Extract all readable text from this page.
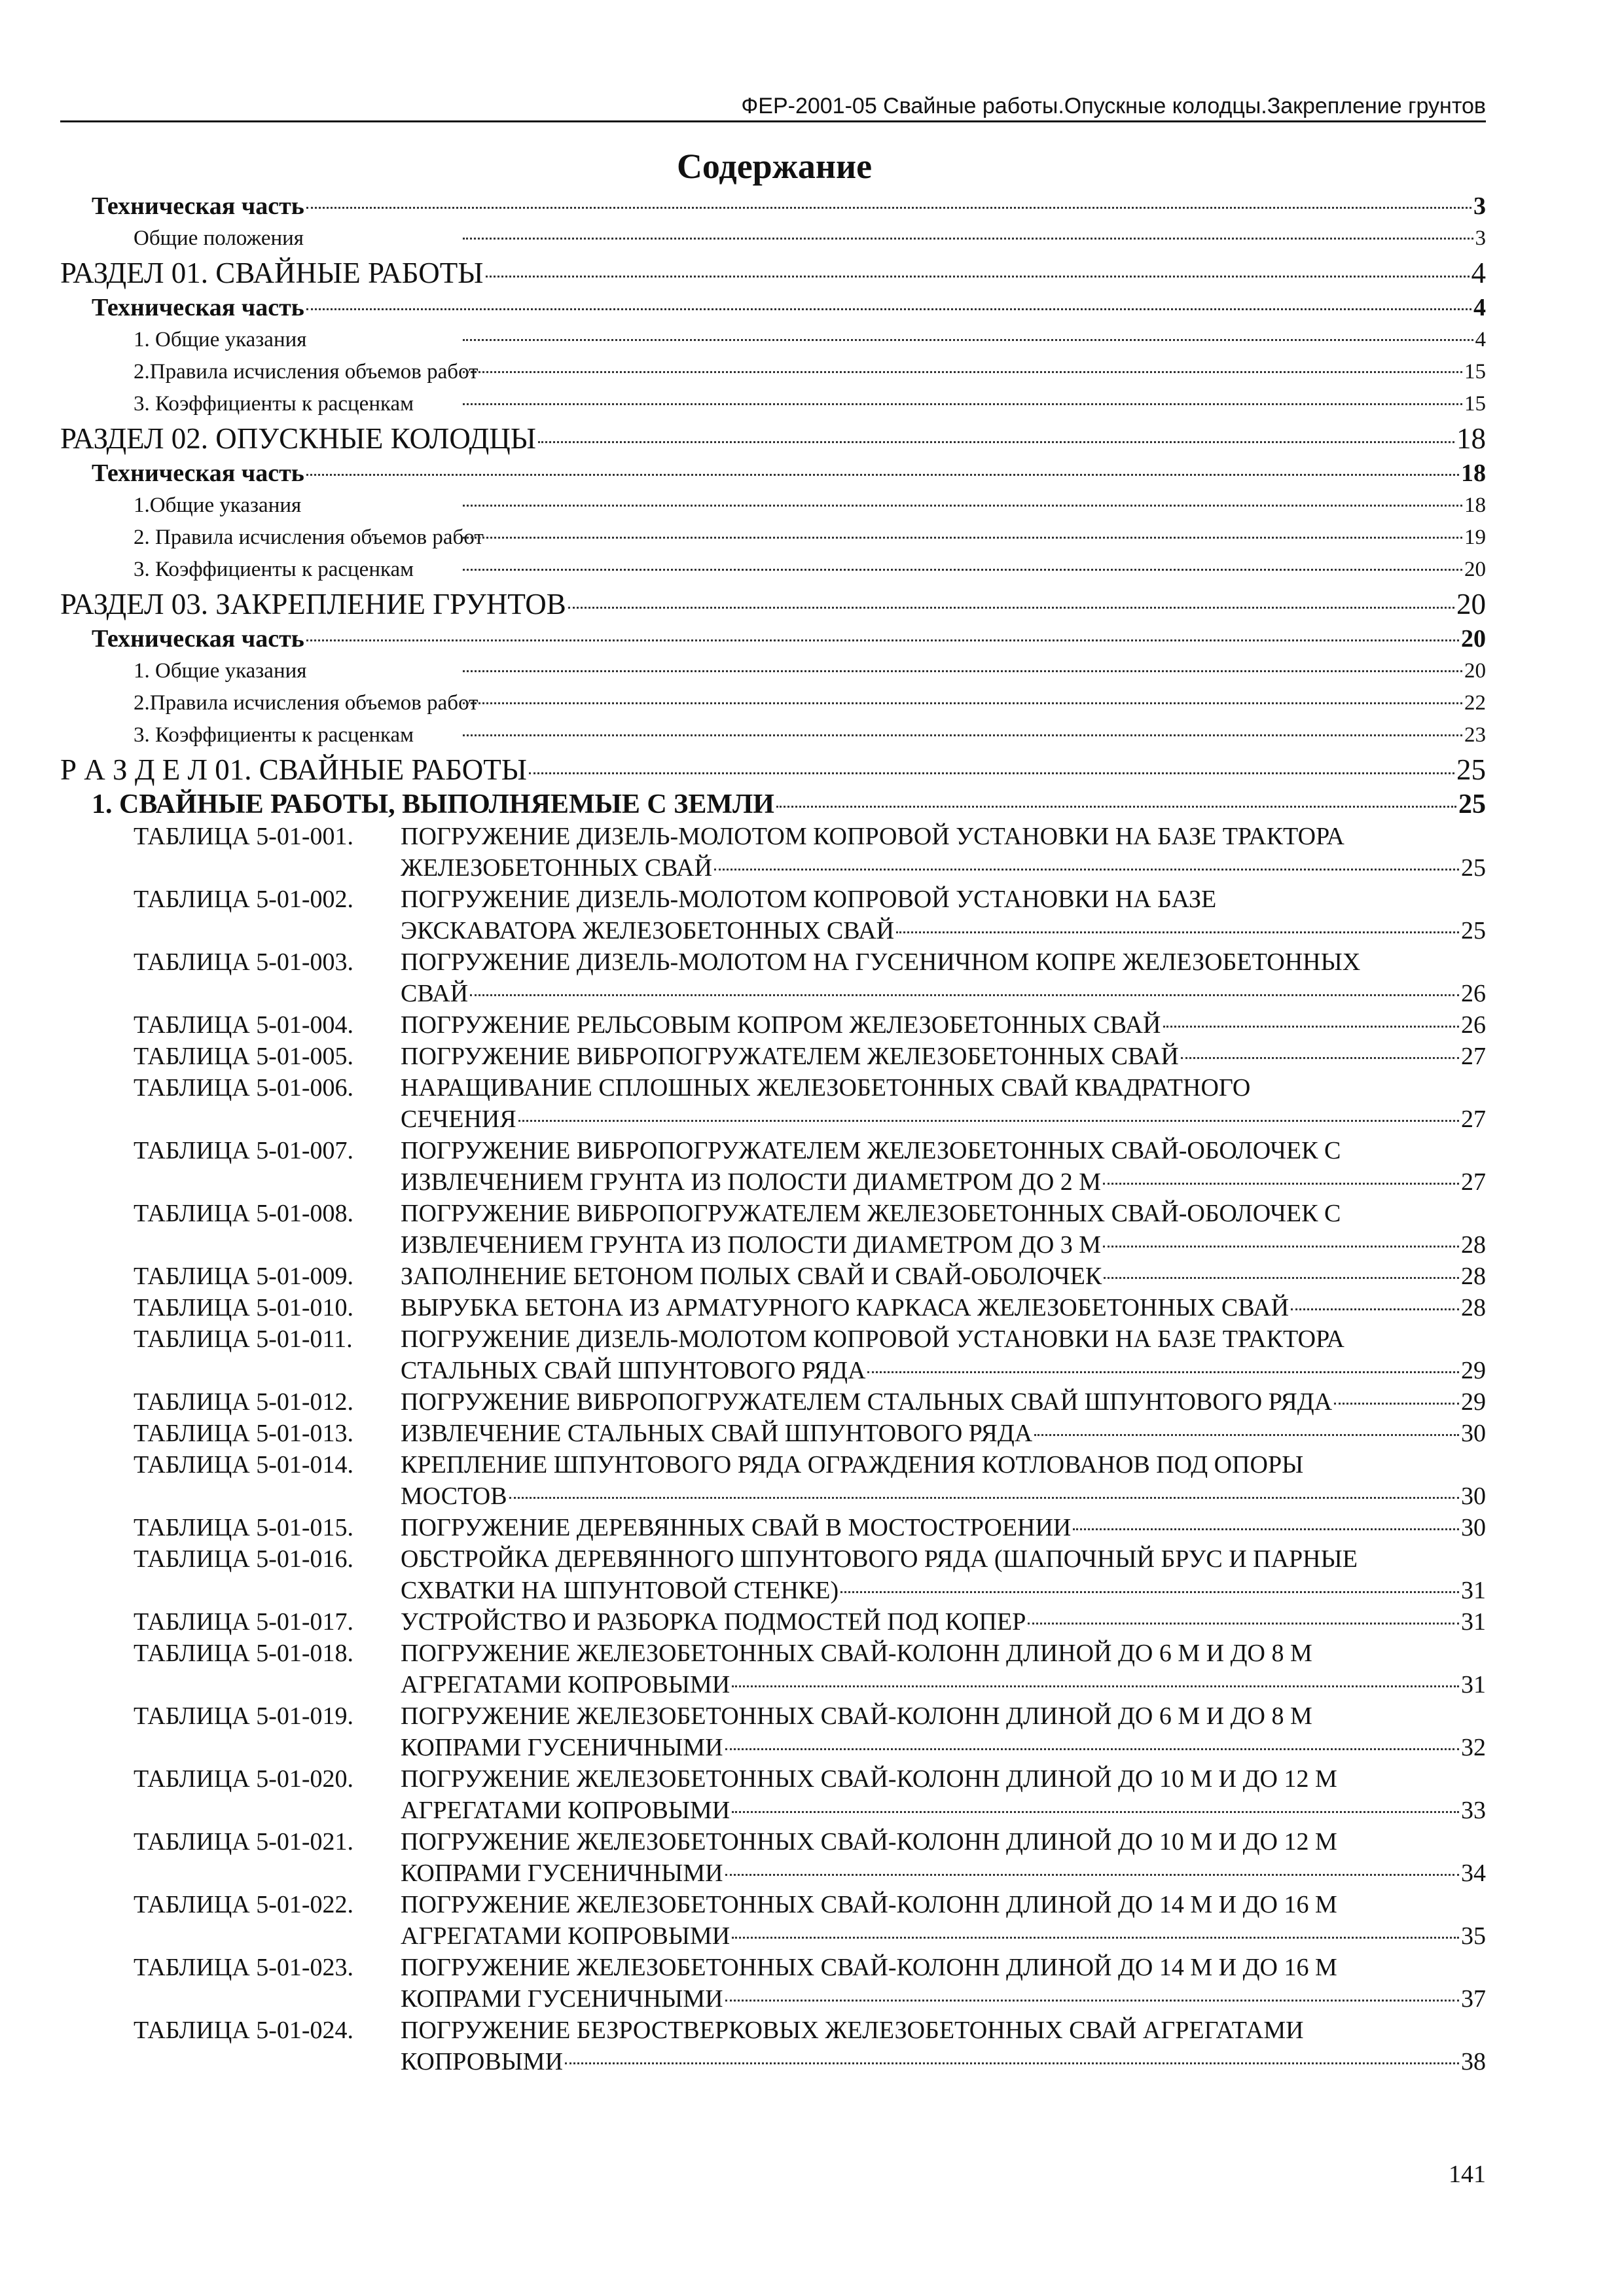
ФЕР-2001-05 Свайные работы.Опускные колодцы.Закрепление грунтов
Содержание
Техническая часть	3
Общие положения	3
РАЗДЕЛ 01. СВАЙНЫЕ РАБОТЫ	4
Техническая часть	4
1. Общие указания	4
2.Правила исчисления объемов работ	15
3. Коэффициенты к расценкам	15
РАЗДЕЛ 02. ОПУСКНЫЕ КОЛОДЦЫ	18
Техническая часть	18
1.Общие указания	18
2. Правила исчисления объемов работ	19
3. Коэффициенты к расценкам	20
РАЗДЕЛ 03. ЗАКРЕПЛЕНИЕ ГРУНТОВ	20
Техническая часть	20
1. Общие указания	20
2.Правила исчисления объемов работ	22
3. Коэффициенты к расценкам	23
Р А З Д Е Л 01. СВАЙНЫЕ РАБОТЫ	25
1. СВАЙНЫЕ РАБОТЫ, ВЫПОЛНЯЕМЫЕ С ЗЕМЛИ	25
ТАБЛИЦА 5-01-001.	ПОГРУЖЕНИЕ ДИЗЕЛЬ-МОЛОТОМ КОПРОВОЙ УСТАНОВКИ НА БАЗЕ ТРАКТОРА
ЖЕЛЕЗОБЕТОННЫХ СВАЙ	25
ТАБЛИЦА 5-01-002.	ПОГРУЖЕНИЕ ДИЗЕЛЬ-МОЛОТОМ КОПРОВОЙ УСТАНОВКИ НА БАЗЕ
ЭКСКАВАТОРА ЖЕЛЕЗОБЕТОННЫХ СВАЙ	25
ТАБЛИЦА 5-01-003.	ПОГРУЖЕНИЕ ДИЗЕЛЬ-МОЛОТОМ НА ГУСЕНИЧНОМ КОПРЕ ЖЕЛЕЗОБЕТОННЫХ
СВАЙ	26
ТАБЛИЦА 5-01-004.	ПОГРУЖЕНИЕ РЕЛЬСОВЫМ КОПРОМ ЖЕЛЕЗОБЕТОННЫХ СВАЙ	26
ТАБЛИЦА 5-01-005.	ПОГРУЖЕНИЕ ВИБРОПОГРУЖАТЕЛЕМ ЖЕЛЕЗОБЕТОННЫХ СВАЙ	27
ТАБЛИЦА 5-01-006.	НАРАЩИВАНИЕ СПЛОШНЫХ ЖЕЛЕЗОБЕТОННЫХ СВАЙ КВАДРАТНОГО
СЕЧЕНИЯ	27
ТАБЛИЦА 5-01-007.	ПОГРУЖЕНИЕ ВИБРОПОГРУЖАТЕЛЕМ ЖЕЛЕЗОБЕТОННЫХ СВАЙ-ОБОЛОЧЕК С
ИЗВЛЕЧЕНИЕМ ГРУНТА ИЗ ПОЛОСТИ ДИАМЕТРОМ ДО 2 М	27
ТАБЛИЦА 5-01-008.	ПОГРУЖЕНИЕ ВИБРОПОГРУЖАТЕЛЕМ ЖЕЛЕЗОБЕТОННЫХ СВАЙ-ОБОЛОЧЕК С
ИЗВЛЕЧЕНИЕМ ГРУНТА ИЗ ПОЛОСТИ ДИАМЕТРОМ ДО 3 М	28
ТАБЛИЦА 5-01-009.	ЗАПОЛНЕНИЕ БЕТОНОМ ПОЛЫХ СВАЙ И СВАЙ-ОБОЛОЧЕК	28
ТАБЛИЦА 5-01-010.	ВЫРУБКА БЕТОНА ИЗ АРМАТУРНОГО КАРКАСА ЖЕЛЕЗОБЕТОННЫХ СВАЙ	28
ТАБЛИЦА 5-01-011.	ПОГРУЖЕНИЕ ДИЗЕЛЬ-МОЛОТОМ КОПРОВОЙ УСТАНОВКИ НА БАЗЕ ТРАКТОРА
СТАЛЬНЫХ СВАЙ ШПУНТОВОГО РЯДА	29
ТАБЛИЦА 5-01-012.	ПОГРУЖЕНИЕ ВИБРОПОГРУЖАТЕЛЕМ СТАЛЬНЫХ СВАЙ ШПУНТОВОГО РЯДА	29
ТАБЛИЦА 5-01-013.	ИЗВЛЕЧЕНИЕ СТАЛЬНЫХ СВАЙ ШПУНТОВОГО РЯДА	30
ТАБЛИЦА 5-01-014.	КРЕПЛЕНИЕ ШПУНТОВОГО РЯДА ОГРАЖДЕНИЯ КОТЛОВАНОВ ПОД ОПОРЫ
МОСТОВ	30
ТАБЛИЦА 5-01-015.	ПОГРУЖЕНИЕ ДЕРЕВЯННЫХ СВАЙ В МОСТОСТРОЕНИИ	30
ТАБЛИЦА 5-01-016.	ОБСТРОЙКА ДЕРЕВЯННОГО ШПУНТОВОГО РЯДА (ШАПОЧНЫЙ БРУС И ПАРНЫЕ
СХВАТКИ НА ШПУНТОВОЙ СТЕНКЕ)	31
ТАБЛИЦА 5-01-017.	УСТРОЙСТВО И РАЗБОРКА ПОДМОСТЕЙ ПОД КОПЕР	31
ТАБЛИЦА 5-01-018.	ПОГРУЖЕНИЕ ЖЕЛЕЗОБЕТОННЫХ СВАЙ-КОЛОНН ДЛИНОЙ ДО 6 М И ДО 8 М
АГРЕГАТАМИ КОПРОВЫМИ	31
ТАБЛИЦА 5-01-019.	ПОГРУЖЕНИЕ ЖЕЛЕЗОБЕТОННЫХ СВАЙ-КОЛОНН ДЛИНОЙ ДО 6 М И ДО 8 М
КОПРАМИ ГУСЕНИЧНЫМИ	32
ТАБЛИЦА 5-01-020.	ПОГРУЖЕНИЕ ЖЕЛЕЗОБЕТОННЫХ СВАЙ-КОЛОНН ДЛИНОЙ ДО 10 М И ДО 12 М
АГРЕГАТАМИ КОПРОВЫМИ	33
ТАБЛИЦА 5-01-021.	ПОГРУЖЕНИЕ ЖЕЛЕЗОБЕТОННЫХ СВАЙ-КОЛОНН ДЛИНОЙ ДО 10 М И ДО 12 М
КОПРАМИ ГУСЕНИЧНЫМИ	34
ТАБЛИЦА 5-01-022.	ПОГРУЖЕНИЕ ЖЕЛЕЗОБЕТОННЫХ СВАЙ-КОЛОНН ДЛИНОЙ ДО 14 М И ДО 16 М
АГРЕГАТАМИ КОПРОВЫМИ	35
ТАБЛИЦА 5-01-023.	ПОГРУЖЕНИЕ ЖЕЛЕЗОБЕТОННЫХ СВАЙ-КОЛОНН ДЛИНОЙ ДО 14 М И ДО 16 М
КОПРАМИ ГУСЕНИЧНЫМИ	37
ТАБЛИЦА 5-01-024.	ПОГРУЖЕНИЕ БЕЗРОСТВЕРКОВЫХ ЖЕЛЕЗОБЕТОННЫХ СВАЙ АГРЕГАТАМИ
КОПРОВЫМИ	38
141
